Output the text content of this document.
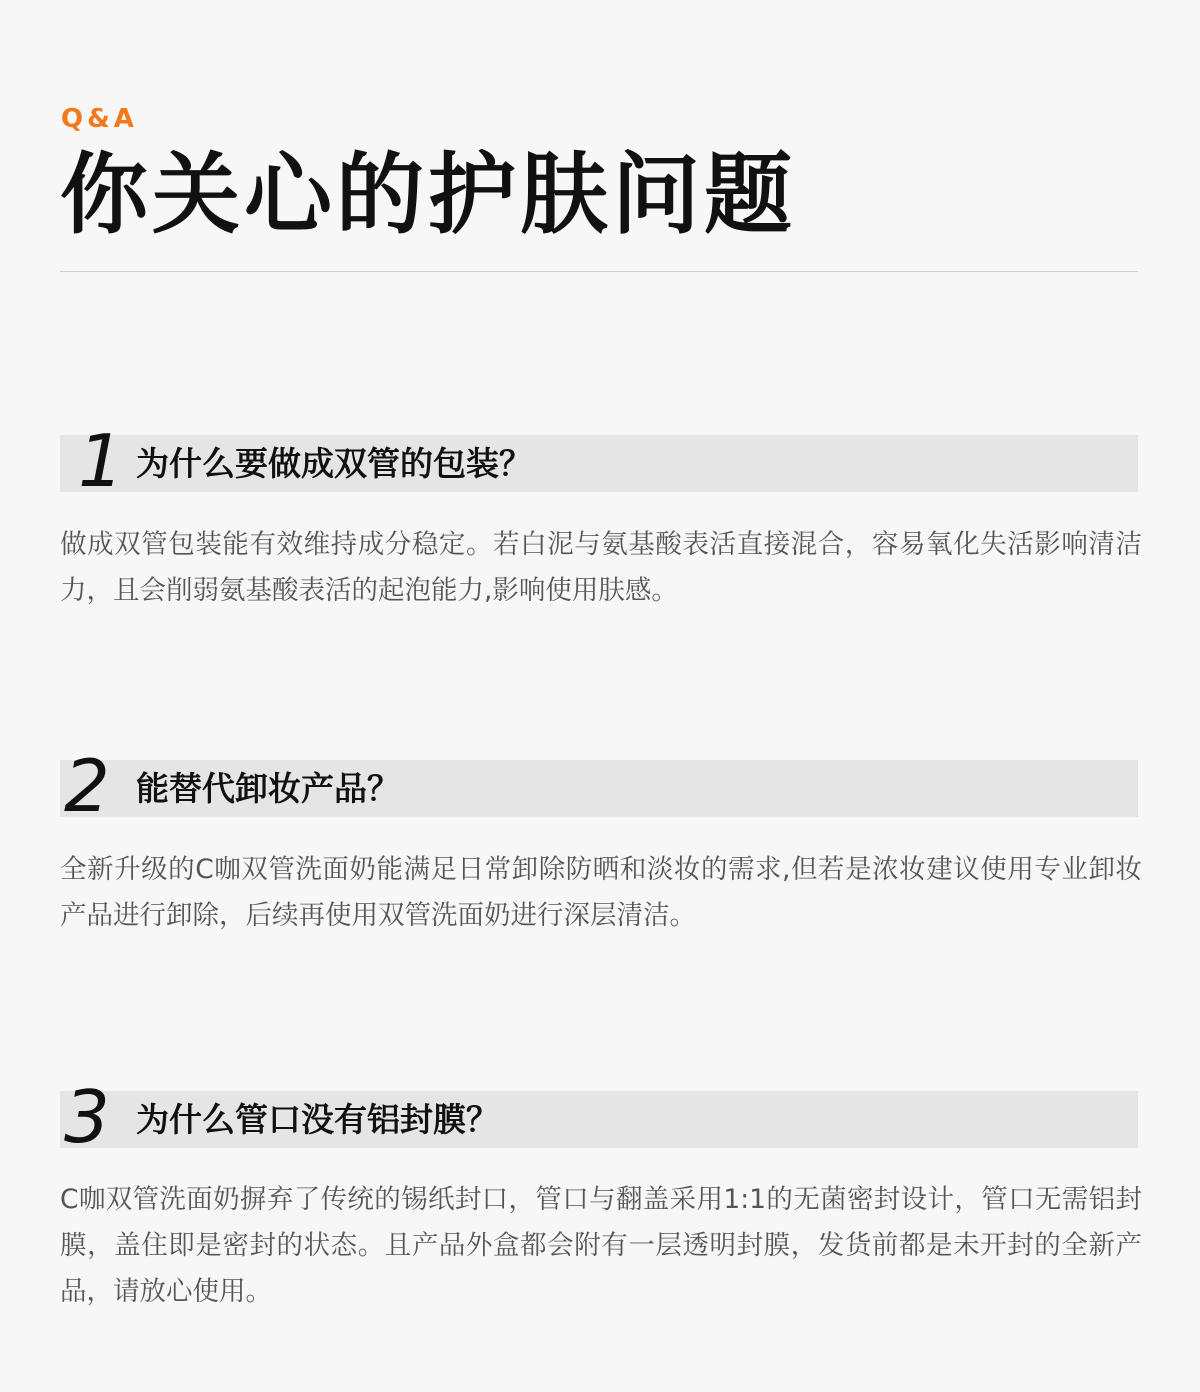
Q&A
你关心的护肤问题
1 为什么要做成双管的包装？
做成双管包装能有效维持成分稳定。若白泥与氨基酸表活直接混合，容易氧化失活影响清洁力，且会削弱氨基酸表活的起泡能力,影响使用肤感。
2 能替代卸妆产品？
全新升级的C咖双管洗面奶能满足日常卸除防晒和淡妆的需求,但若是浓妆建议使用专业卸妆产品进行卸除，后续再使用双管洗面奶进行深层清洁。
3 为什么管口没有铝封膜？
C咖双管洗面奶摒弃了传统的锡纸封口，管口与翻盖采用1:1的无菌密封设计，管口无需铝封膜，盖住即是密封的状态。且产品外盒都会附有一层透明封膜，发货前都是未开封的全新产品，请放心使用。
